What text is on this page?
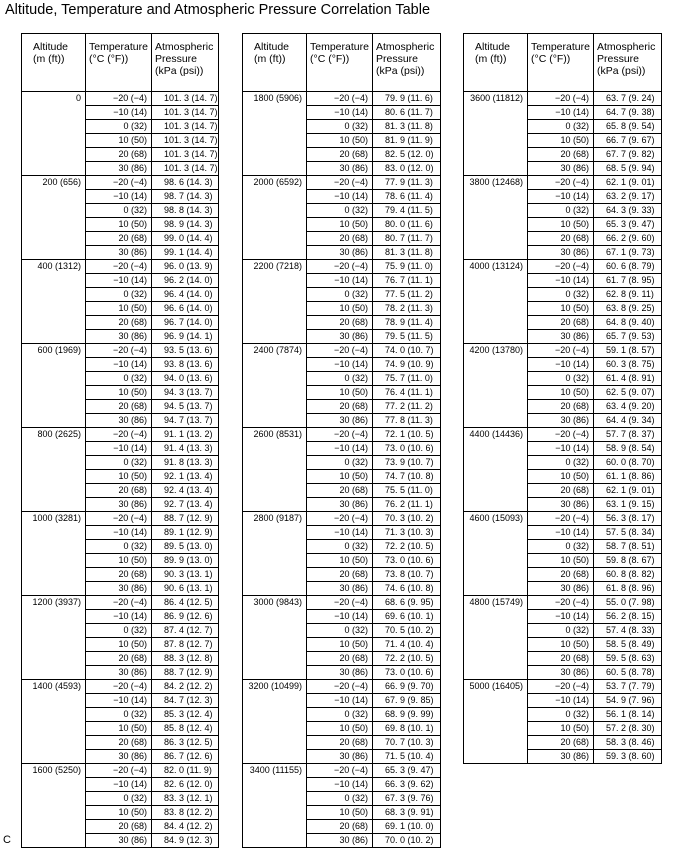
Altitude, Temperature and Atmospheric Pressure Correlation Table
Altitude
(m (ft))	Temperature
(°C (°F))	Atmospheric
Pressure
(kPa (psi))
0	−20 (−4)	101. 3 (14. 7)
	−10 (14)	101. 3 (14. 7)
	0 (32)	101. 3 (14. 7)
	10 (50)	101. 3 (14. 7)
	20 (68)	101. 3 (14. 7)
	30 (86)	101. 3 (14. 7)
200 (656)	−20 (−4)	98. 6 (14. 3)
	−10 (14)	98. 7 (14. 3)
	0 (32)	98. 8 (14. 3)
	10 (50)	98. 9 (14. 3)
	20 (68)	99. 0 (14. 4)
	30 (86)	99. 1 (14. 4)
400 (1312)	−20 (−4)	96. 0 (13. 9)
	−10 (14)	96. 2 (14. 0)
	0 (32)	96. 4 (14. 0)
	10 (50)	96. 6 (14. 0)
	20 (68)	96. 7 (14. 0)
	30 (86)	96. 9 (14. 1)
600 (1969)	−20 (−4)	93. 5 (13. 6)
	−10 (14)	93. 8 (13. 6)
	0 (32)	94. 0 (13. 6)
	10 (50)	94. 3 (13. 7)
	20 (68)	94. 5 (13. 7)
	30 (86)	94. 7 (13. 7)
800 (2625)	−20 (−4)	91. 1 (13. 2)
	−10 (14)	91. 4 (13. 3)
	0 (32)	91. 8 (13. 3)
	10 (50)	92. 1 (13. 4)
	20 (68)	92. 4 (13. 4)
	30 (86)	92. 7 (13. 4)
1000 (3281)	−20 (−4)	88. 7 (12. 9)
	−10 (14)	89. 1 (12. 9)
	0 (32)	89. 5 (13. 0)
	10 (50)	89. 9 (13. 0)
	20 (68)	90. 3 (13. 1)
	30 (86)	90. 6 (13. 1)
1200 (3937)	−20 (−4)	86. 4 (12. 5)
	−10 (14)	86. 9 (12. 6)
	0 (32)	87. 4 (12. 7)
	10 (50)	87. 8 (12. 7)
	20 (68)	88. 3 (12. 8)
	30 (86)	88. 7 (12. 9)
1400 (4593)	−20 (−4)	84. 2 (12. 2)
	−10 (14)	84. 7 (12. 3)
	0 (32)	85. 3 (12. 4)
	10 (50)	85. 8 (12. 4)
	20 (68)	86. 3 (12. 5)
	30 (86)	86. 7 (12. 6)
1600 (5250)	−20 (−4)	82. 0 (11. 9)
	−10 (14)	82. 6 (12. 0)
	0 (32)	83. 3 (12. 1)
	10 (50)	83. 8 (12. 2)
	20 (68)	84. 4 (12. 2)
	30 (86)	84. 9 (12. 3)
Altitude
(m (ft))	Temperature
(°C (°F))	Atmospheric
Pressure
(kPa (psi))
1800 (5906)	−20 (−4)	79. 9 (11. 6)
	−10 (14)	80. 6 (11. 7)
	0 (32)	81. 3 (11. 8)
	10 (50)	81. 9 (11. 9)
	20 (68)	82. 5 (12. 0)
	30 (86)	83. 0 (12. 0)
2000 (6592)	−20 (−4)	77. 9 (11. 3)
	−10 (14)	78. 6 (11. 4)
	0 (32)	79. 4 (11. 5)
	10 (50)	80. 0 (11. 6)
	20 (68)	80. 7 (11. 7)
	30 (86)	81. 3 (11. 8)
2200 (7218)	−20 (−4)	75. 9 (11. 0)
	−10 (14)	76. 7 (11. 1)
	0 (32)	77. 5 (11. 2)
	10 (50)	78. 2 (11. 3)
	20 (68)	78. 9 (11. 4)
	30 (86)	79. 5 (11. 5)
2400 (7874)	−20 (−4)	74. 0 (10. 7)
	−10 (14)	74. 9 (10. 9)
	0 (32)	75. 7 (11. 0)
	10 (50)	76. 4 (11. 1)
	20 (68)	77. 2 (11. 2)
	30 (86)	77. 8 (11. 3)
2600 (8531)	−20 (−4)	72. 1 (10. 5)
	−10 (14)	73. 0 (10. 6)
	0 (32)	73. 9 (10. 7)
	10 (50)	74. 7 (10. 8)
	20 (68)	75. 5 (11. 0)
	30 (86)	76. 2 (11. 1)
2800 (9187)	−20 (−4)	70. 3 (10. 2)
	−10 (14)	71. 3 (10. 3)
	0 (32)	72. 2 (10. 5)
	10 (50)	73. 0 (10. 6)
	20 (68)	73. 8 (10. 7)
	30 (86)	74. 6 (10. 8)
3000 (9843)	−20 (−4)	68. 6 (9. 95)
	−10 (14)	69. 6 (10. 1)
	0 (32)	70. 5 (10. 2)
	10 (50)	71. 4 (10. 4)
	20 (68)	72. 2 (10. 5)
	30 (86)	73. 0 (10. 6)
3200 (10499)	−20 (−4)	66. 9 (9. 70)
	−10 (14)	67. 9 (9. 85)
	0 (32)	68. 9 (9. 99)
	10 (50)	69. 8 (10. 1)
	20 (68)	70. 7 (10. 3)
	30 (86)	71. 5 (10. 4)
3400 (11155)	−20 (−4)	65. 3 (9. 47)
	−10 (14)	66. 3 (9. 62)
	0 (32)	67. 3 (9. 76)
	10 (50)	68. 3 (9. 91)
	20 (68)	69. 1 (10. 0)
	30 (86)	70. 0 (10. 2)
Altitude
(m (ft))	Temperature
(°C (°F))	Atmospheric
Pressure
(kPa (psi))
3600 (11812)	−20 (−4)	63. 7 (9. 24)
	−10 (14)	64. 7 (9. 38)
	0 (32)	65. 8 (9. 54)
	10 (50)	66. 7 (9. 67)
	20 (68)	67. 7 (9. 82)
	30 (86)	68. 5 (9. 94)
3800 (12468)	−20 (−4)	62. 1 (9. 01)
	−10 (14)	63. 2 (9. 17)
	0 (32)	64. 3 (9. 33)
	10 (50)	65. 3 (9. 47)
	20 (68)	66. 2 (9. 60)
	30 (86)	67. 1 (9. 73)
4000 (13124)	−20 (−4)	60. 6 (8. 79)
	−10 (14)	61. 7 (8. 95)
	0 (32)	62. 8 (9. 11)
	10 (50)	63. 8 (9. 25)
	20 (68)	64. 8 (9. 40)
	30 (86)	65. 7 (9. 53)
4200 (13780)	−20 (−4)	59. 1 (8. 57)
	−10 (14)	60. 3 (8. 75)
	0 (32)	61. 4 (8. 91)
	10 (50)	62. 5 (9. 07)
	20 (68)	63. 4 (9. 20)
	30 (86)	64. 4 (9. 34)
4400 (14436)	−20 (−4)	57. 7 (8. 37)
	−10 (14)	58. 9 (8. 54)
	0 (32)	60. 0 (8. 70)
	10 (50)	61. 1 (8. 86)
	20 (68)	62. 1 (9. 01)
	30 (86)	63. 1 (9. 15)
4600 (15093)	−20 (−4)	56. 3 (8. 17)
	−10 (14)	57. 5 (8. 34)
	0 (32)	58. 7 (8. 51)
	10 (50)	59. 8 (8. 67)
	20 (68)	60. 8 (8. 82)
	30 (86)	61. 8 (8. 96)
4800 (15749)	−20 (−4)	55. 0 (7. 98)
	−10 (14)	56. 2 (8. 15)
	0 (32)	57. 4 (8. 33)
	10 (50)	58. 5 (8. 49)
	20 (68)	59. 5 (8. 63)
	30 (86)	60. 5 (8. 78)
5000 (16405)	−20 (−4)	53. 7 (7. 79)
	−10 (14)	54. 9 (7. 96)
	0 (32)	56. 1 (8. 14)
	10 (50)	57. 2 (8. 30)
	20 (68)	58. 3 (8. 46)
	30 (86)	59. 3 (8. 60)
C
